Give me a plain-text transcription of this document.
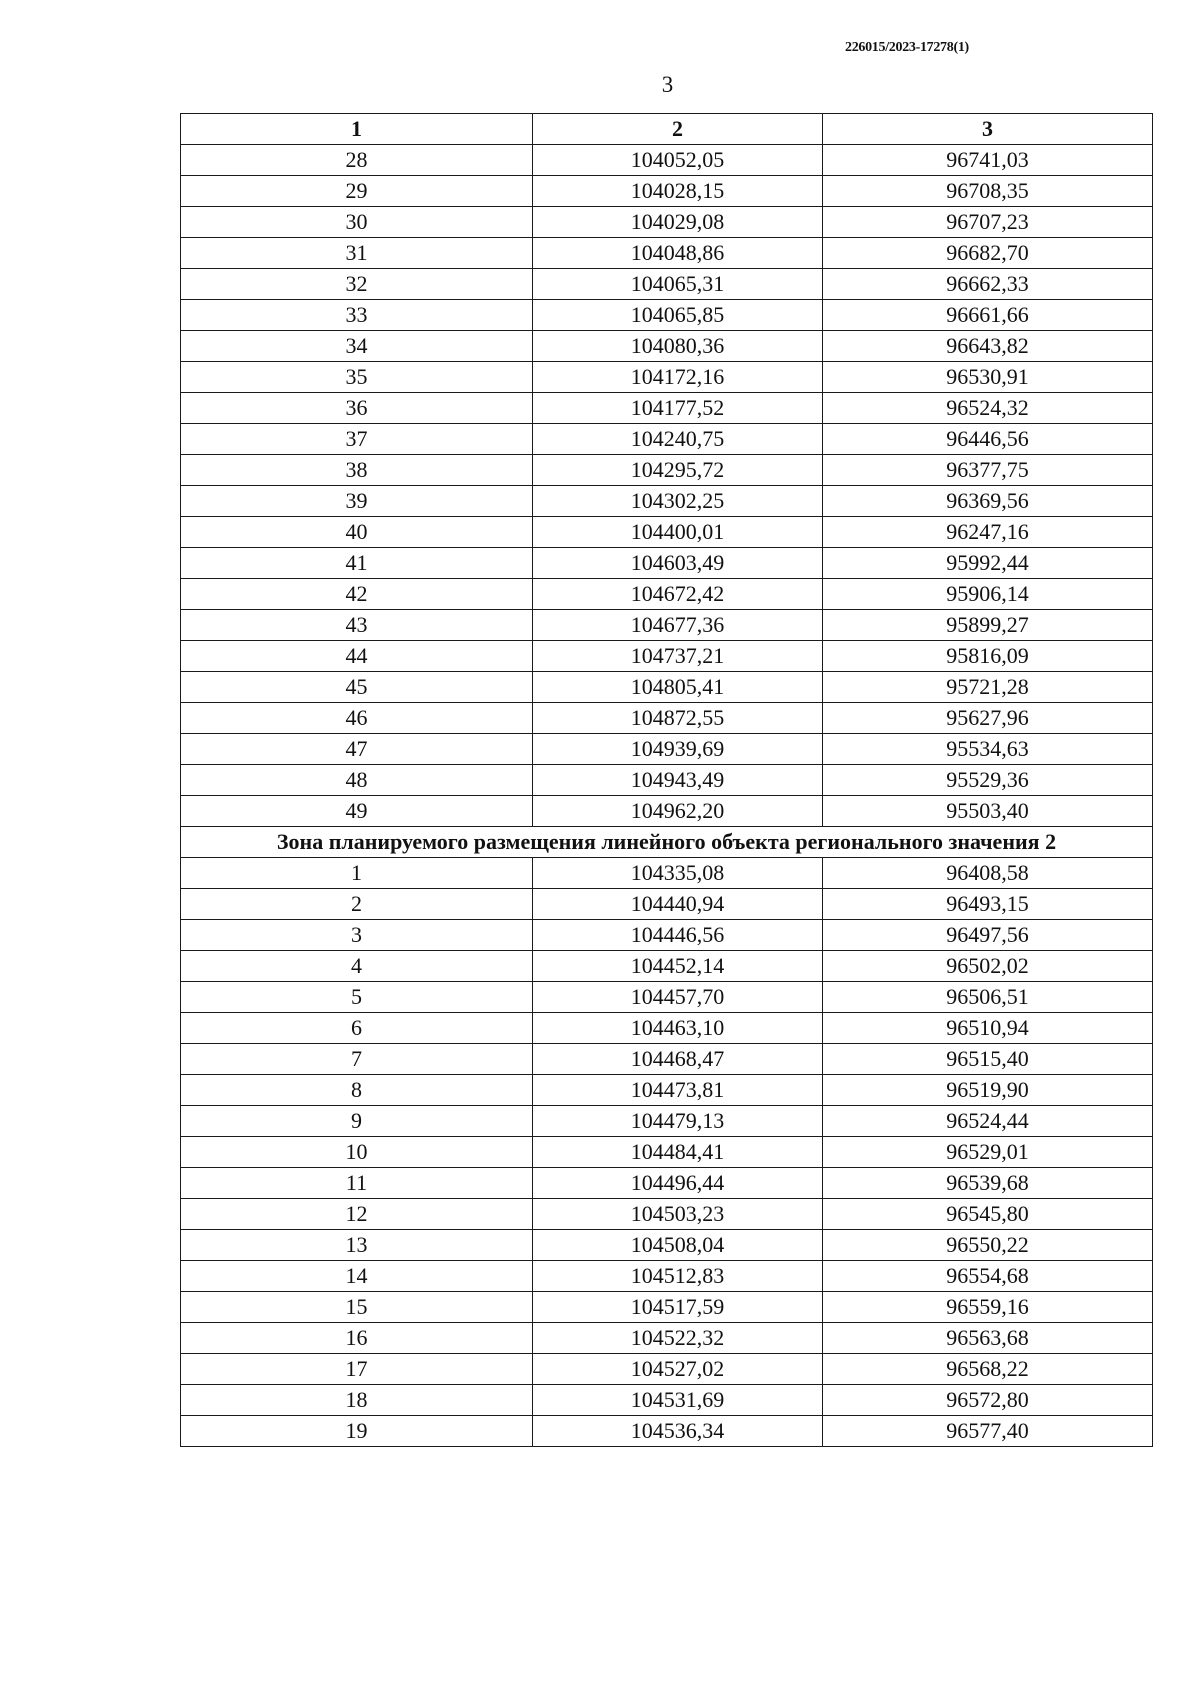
226015/2023-17278(1)
3
1	2	3
28	104052,05	96741,03
29	104028,15	96708,35
30	104029,08	96707,23
31	104048,86	96682,70
32	104065,31	96662,33
33	104065,85	96661,66
34	104080,36	96643,82
35	104172,16	96530,91
36	104177,52	96524,32
37	104240,75	96446,56
38	104295,72	96377,75
39	104302,25	96369,56
40	104400,01	96247,16
41	104603,49	95992,44
42	104672,42	95906,14
43	104677,36	95899,27
44	104737,21	95816,09
45	104805,41	95721,28
46	104872,55	95627,96
47	104939,69	95534,63
48	104943,49	95529,36
49	104962,20	95503,40
Зона планируемого размещения линейного объекта регионального значения 2		
1	104335,08	96408,58
2	104440,94	96493,15
3	104446,56	96497,56
4	104452,14	96502,02
5	104457,70	96506,51
6	104463,10	96510,94
7	104468,47	96515,40
8	104473,81	96519,90
9	104479,13	96524,44
10	104484,41	96529,01
11	104496,44	96539,68
12	104503,23	96545,80
13	104508,04	96550,22
14	104512,83	96554,68
15	104517,59	96559,16
16	104522,32	96563,68
17	104527,02	96568,22
18	104531,69	96572,80
19	104536,34	96577,40
